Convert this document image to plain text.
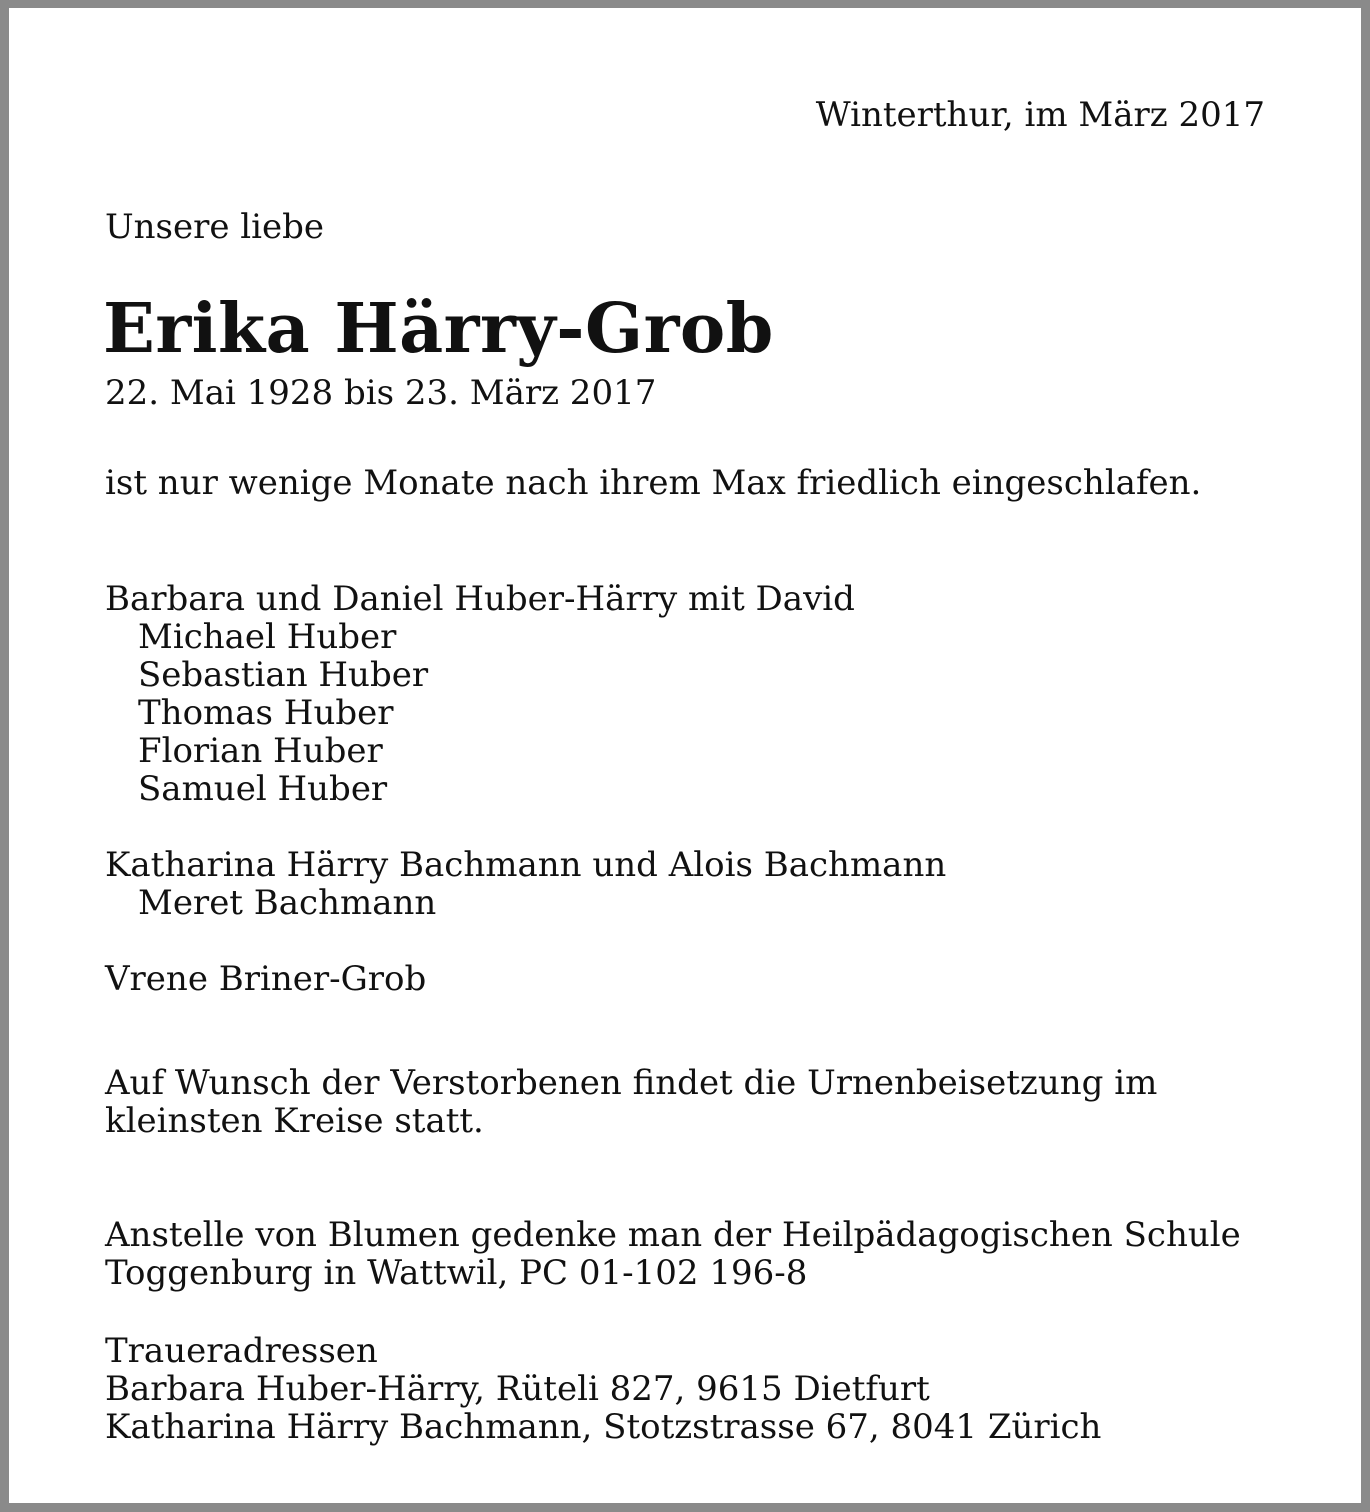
Winterthur, im März 2017

Unsere liebe

Erika Härry-Grob

22. Mai 1928 bis 23. März 2017

ist nur wenige Monate nach ihrem Max friedlich eingeschlafen.

Barbara und Daniel Huber-Härry mit David
Michael Huber
Sebastian Huber
Thomas Huber
Florian Huber
Samuel Huber
Katharina Härry Bachmann und Alois Bachmann
Meret Bachmann
Vrene Briner-Grob
Auf Wunsch der Verstorbenen findet die Urnenbeisetzung im
kleinsten Kreise statt.
Anstelle von Blumen gedenke man der Heilpädagogischen Schule
Toggenburg in Wattwil, PC 01-102 196-8
Traueradressen
Barbara Huber-Härry, Rüteli 827, 9615 Dietfurt
Katharina Härry Bachmann, Stotzstrasse 67, 8041 Zürich
